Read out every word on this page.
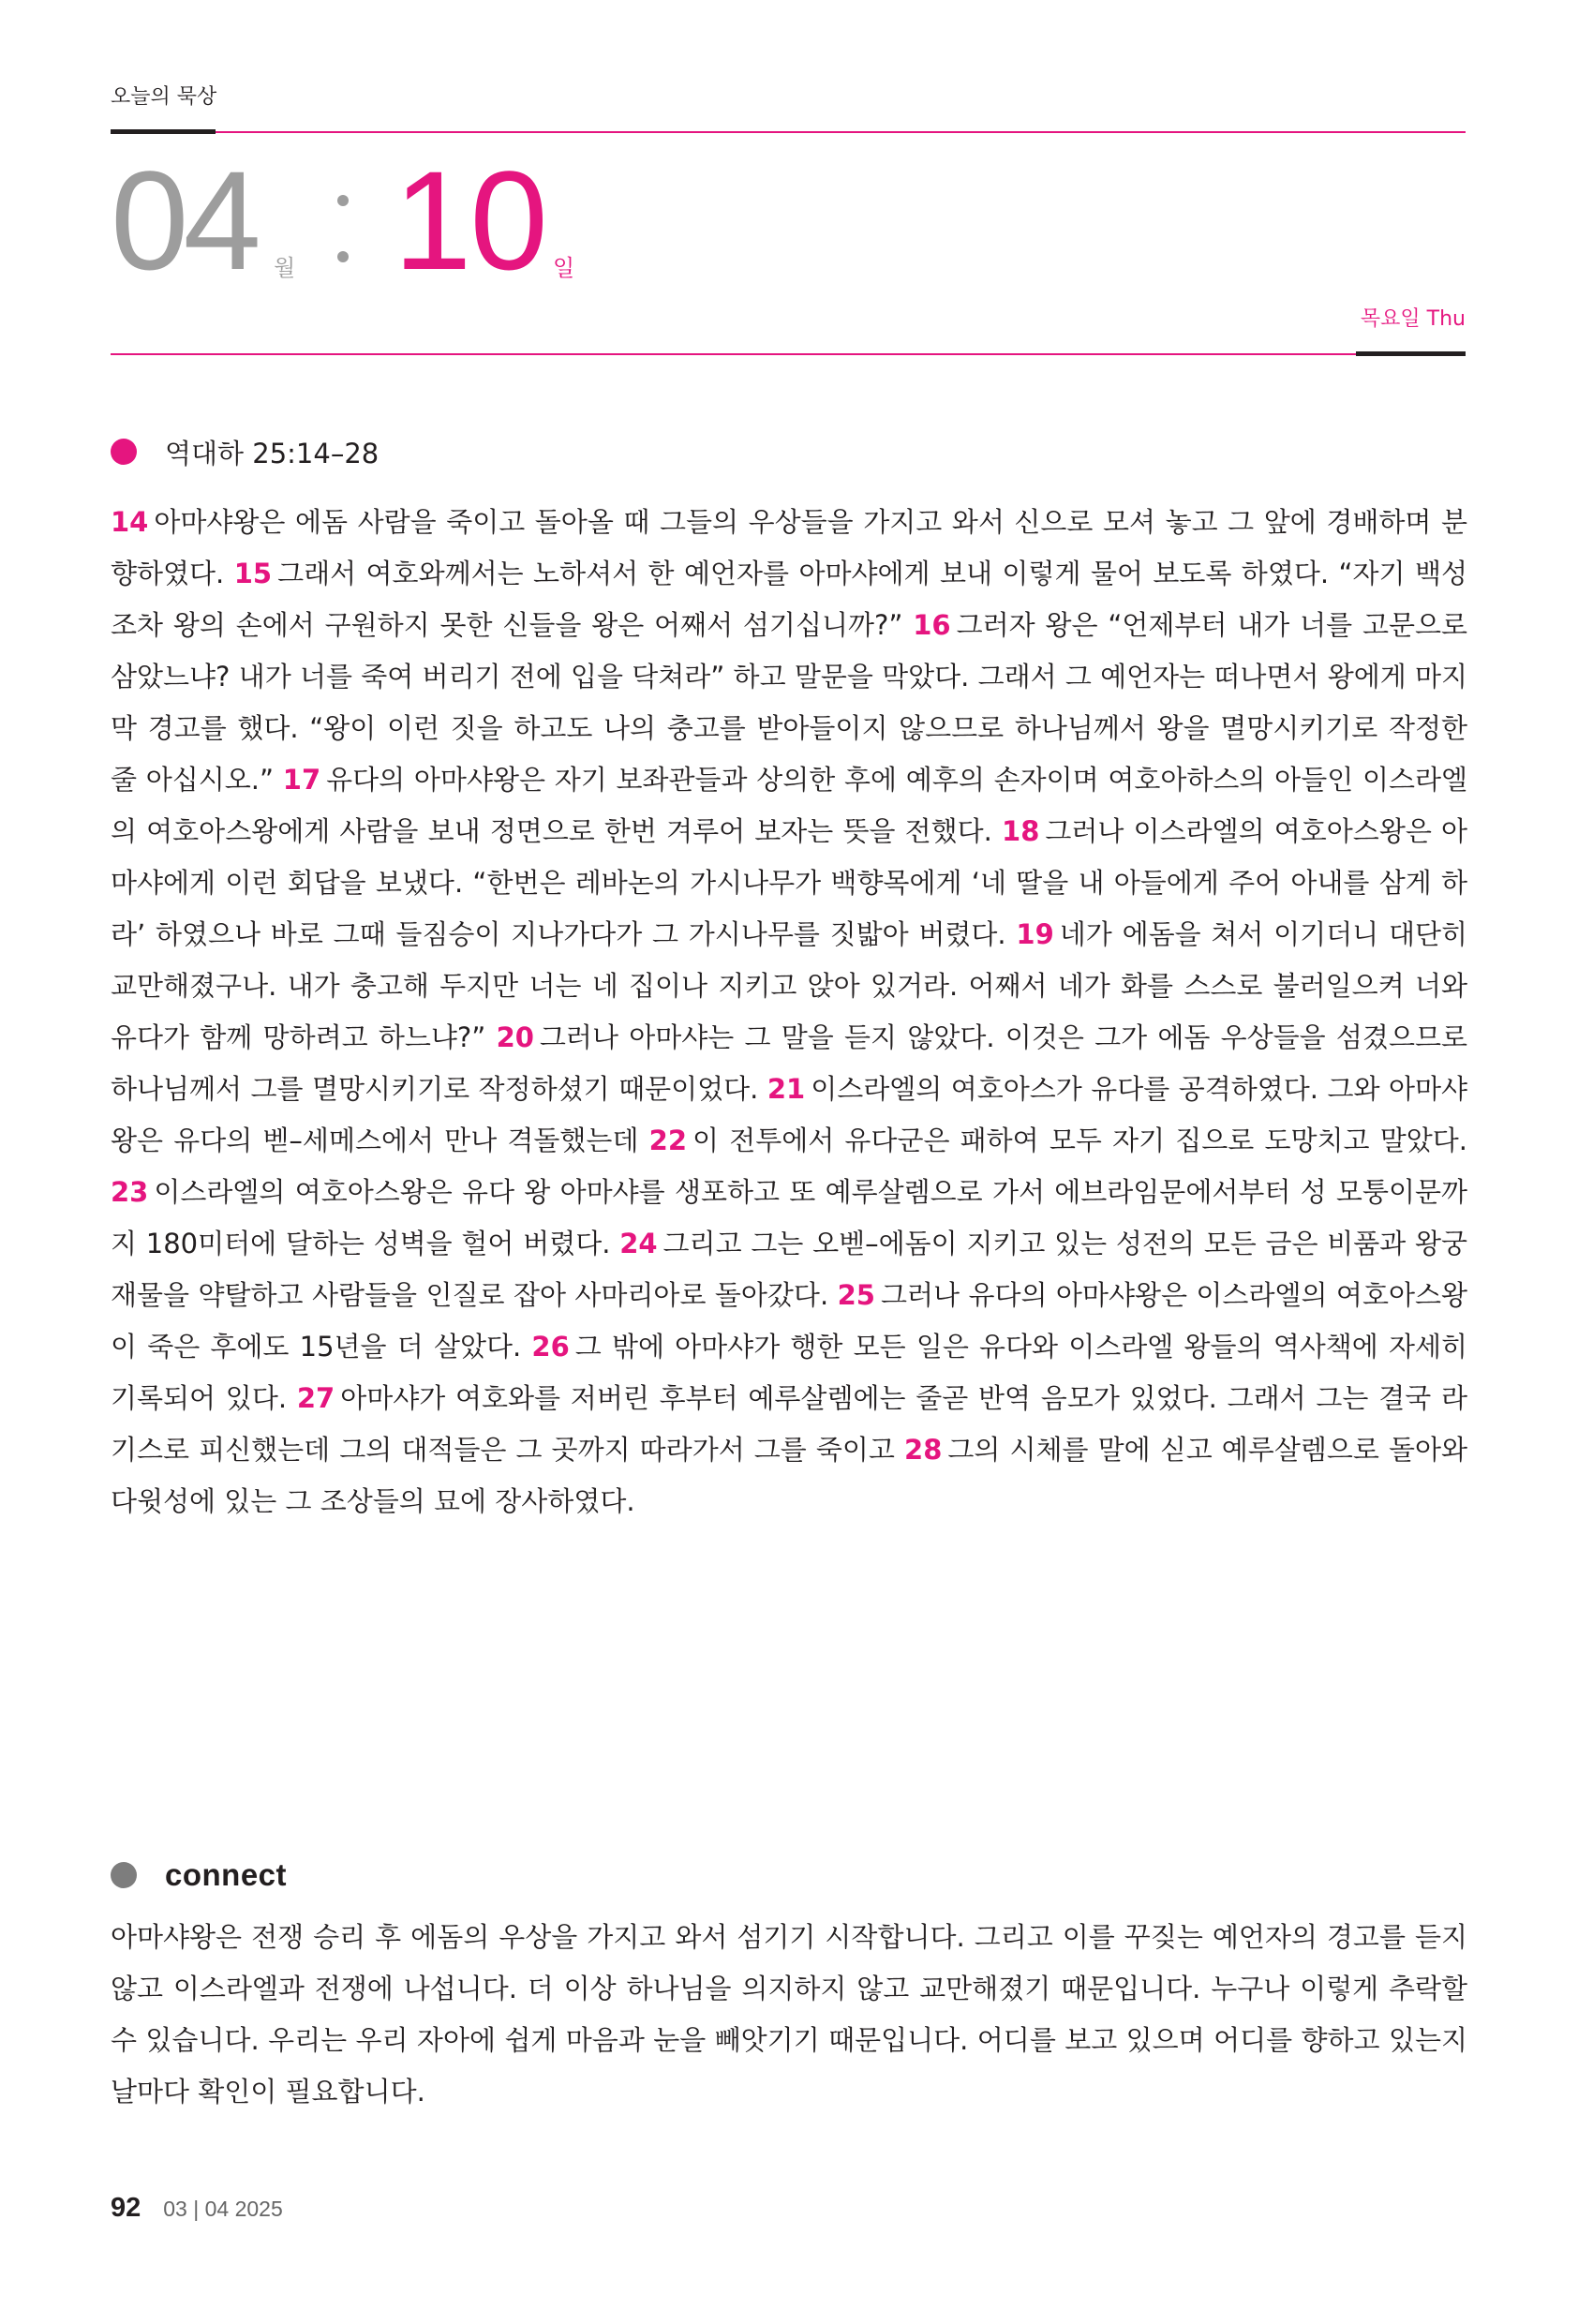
오늘의 묵상
04 월 10 일
목요일 Thu
역대하 25:14–28
14 아마샤왕은 에돔 사람을 죽이고 돌아올 때 그들의 우상들을 가지고 와서 신으로 모셔 놓고 그 앞에 경배하며 분향하였다. 15 그래서 여호와께서는 노하셔서 한 예언자를 아마샤에게 보내 이렇게 물어 보도록 하였다. “자기 백성조차 왕의 손에서 구원하지 못한 신들을 왕은 어째서 섬기십니까?” 16 그러자 왕은 “언제부터 내가 너를 고문으로 삼았느냐? 내가 너를 죽여 버리기 전에 입을 닥쳐라” 하고 말문을 막았다. 그래서 그 예언자는 떠나면서 왕에게 마지막 경고를 했다. “왕이 이런 짓을 하고도 나의 충고를 받아들이지 않으므로 하나님께서 왕을 멸망시키기로 작정한 줄 아십시오.” 17 유다의 아마샤왕은 자기 보좌관들과 상의한 후에 예후의 손자이며 여호아하스의 아들인 이스라엘의 여호아스왕에게 사람을 보내 정면으로 한번 겨루어 보자는 뜻을 전했다. 18 그러나 이스라엘의 여호아스왕은 아마샤에게 이런 회답을 보냈다. “한번은 레바논의 가시나무가 백향목에게 ‘네 딸을 내 아들에게 주어 아내를 삼게 하라’ 하였으나 바로 그때 들짐승이 지나가다가 그 가시나무를 짓밟아 버렸다. 19 네가 에돔을 쳐서 이기더니 대단히 교만해졌구나. 내가 충고해 두지만 너는 네 집이나 지키고 앉아 있거라. 어째서 네가 화를 스스로 불러일으켜 너와 유다가 함께 망하려고 하느냐?” 20 그러나 아마샤는 그 말을 듣지 않았다. 이것은 그가 에돔 우상들을 섬겼으므로 하나님께서 그를 멸망시키기로 작정하셨기 때문이었다. 21 이스라엘의 여호아스가 유다를 공격하였다. 그와 아마샤왕은 유다의 벧–세메스에서 만나 격돌했는데 22 이 전투에서 유다군은 패하여 모두 자기 집으로 도망치고 말았다. 23 이스라엘의 여호아스왕은 유다 왕 아마샤를 생포하고 또 예루살렘으로 가서 에브라임문에서부터 성 모퉁이문까지 180미터에 달하는 성벽을 헐어 버렸다. 24 그리고 그는 오벧–에돔이 지키고 있는 성전의 모든 금은 비품과 왕궁 재물을 약탈하고 사람들을 인질로 잡아 사마리아로 돌아갔다. 25 그러나 유다의 아마샤왕은 이스라엘의 여호아스왕이 죽은 후에도 15년을 더 살았다. 26 그 밖에 아마샤가 행한 모든 일은 유다와 이스라엘 왕들의 역사책에 자세히 기록되어 있다. 27 아마샤가 여호와를 저버린 후부터 예루살렘에는 줄곧 반역 음모가 있었다. 그래서 그는 결국 라기스로 피신했는데 그의 대적들은 그 곳까지 따라가서 그를 죽이고 28 그의 시체를 말에 싣고 예루살렘으로 돌아와 다윗성에 있는 그 조상들의 묘에 장사하였다.
connect
아마샤왕은 전쟁 승리 후 에돔의 우상을 가지고 와서 섬기기 시작합니다. 그리고 이를 꾸짖는 예언자의 경고를 듣지 않고 이스라엘과 전쟁에 나섭니다. 더 이상 하나님을 의지하지 않고 교만해졌기 때문입니다. 누구나 이렇게 추락할 수 있습니다. 우리는 우리 자아에 쉽게 마음과 눈을 빼앗기기 때문입니다. 어디를 보고 있으며 어디를 향하고 있는지 날마다 확인이 필요합니다.
92 03 | 04 2025
